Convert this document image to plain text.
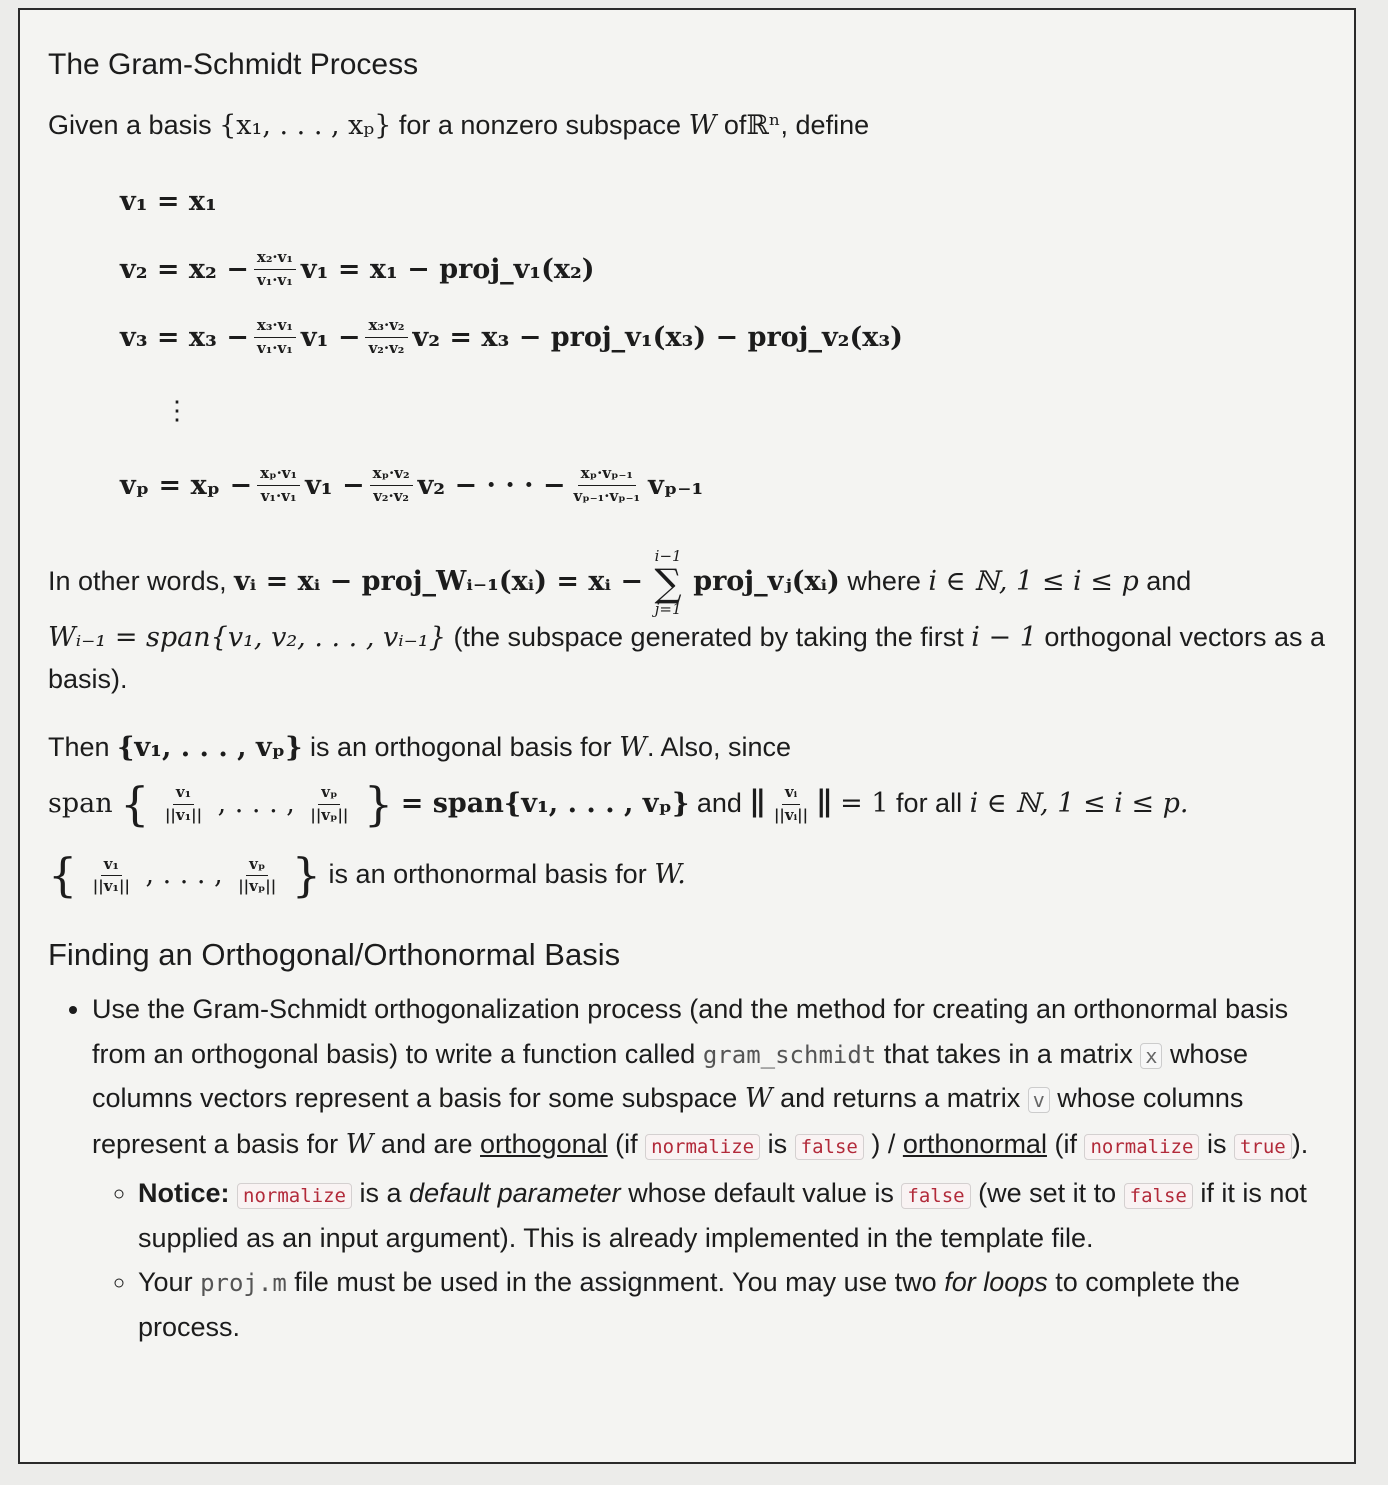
The Gram-Schmidt Process
Given a basis {x₁, . . . , xₚ} for a nonzero subspace W ofℝⁿ, define
v₁ = x₁
$v_2 = x_2 - \frac{\text{x₂·v₁}}{\text{v₁·v₁}} v_1 = x_1$ − proj_v₁(x₂)
$v_3 = x_3 - \frac{\text{x₃·v₁}}{\text{v₁·v₁}} v_1 - \frac{\text{x₃·v₂}}{\text{v₂·v₂}} v_2 = x_3$ − proj_v₁(x₃) − proj_v₂(x₃)
⋮
$v_p = x_p - \frac{\text{xₚ·v₁}}{\text{v₁·v₁}} v_1 - \frac{\text{xₚ·v₂}}{\text{v₂·v₂}} v_2$ − · · · − $\frac{\text{xₚ·vₚ₋₁}}{\text{vₚ₋₁·vₚ₋₁}} v_{p-1}$
In other words, vᵢ = xᵢ − proj_Wᵢ₋₁(xᵢ) = xᵢ −
i−1
∑
j=1
proj_vⱼ(xᵢ) where i ∈ ℕ, 1 ≤ i ≤ p and
Wᵢ₋₁ = span{v₁, v₂, . . . , vᵢ₋₁} (the subspace generated by taking the first i − 1 orthogonal vectors as a basis).
Then {v₁, . . . , vₚ} is an orthogonal basis for W. Also, since
span { $\frac{\text{v₁}}{\text{||v₁||}}$ , . . . , $\frac{\text{vₚ}}{\text{||vₚ||}}$ } = span{v₁, . . . , vₚ} and ‖ $\frac{\text{vᵢ}}{\text{||vᵢ||}}$ ‖ = 1 for all i ∈ ℕ, 1 ≤ i ≤ p.
{ $\frac{\text{v₁}}{\text{||v₁||}}$ , . . . , $\frac{\text{vₚ}}{\text{||vₚ||}}$ } is an orthonormal basis for W.
Finding an Orthogonal/Orthonormal Basis
• Use the Gram-Schmidt orthogonalization process (and the method for creating an orthonormal basis from an orthogonal basis) to write a function called gram_schmidt that takes in a matrix x whose columns vectors represent a basis for some subspace W and returns a matrix v whose columns represent a basis for W and are orthogonal (if normalize is false ) / orthonormal (if normalize is true ).
◦ Notice: normalize is a default parameter whose default value is false (we set it to false if it is not supplied as an input argument). This is already implemented in the template file.
◦ Your proj.m file must be used in the assignment. You may use two for loops to complete the process.
